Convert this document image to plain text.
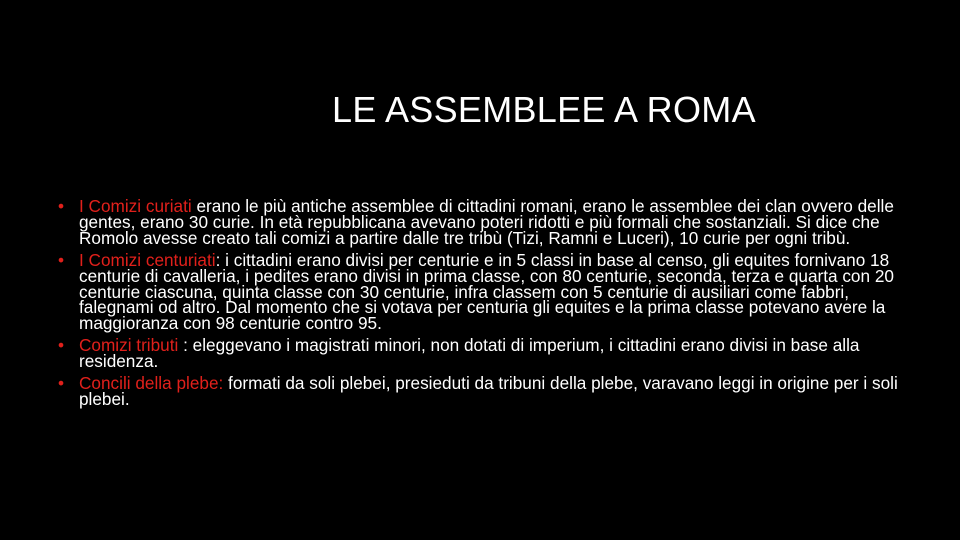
LE ASSEMBLEE A ROMA
• I Comizi curiati erano le più antiche assemblee di cittadini romani, erano le assemblee dei clan ovvero delle gentes, erano 30 curie. In età repubblicana avevano poteri ridotti e più formali che sostanziali. Si dice che Romolo avesse creato tali comizi a partire dalle tre tribù (Tizi, Ramni e Luceri), 10 curie per ogni tribù.
• I Comizi centuriati: i cittadini erano divisi per centurie e in 5 classi in base al censo, gli equites fornivano 18 centurie di cavalleria, i pedites erano divisi in prima classe, con 80 centurie, seconda, terza e quarta con 20 centurie ciascuna, quinta classe con 30 centurie, infra classem con 5 centurie di ausiliari come fabbri, falegnami od altro. Dal momento che si votava per centuria gli equites e la prima classe potevano avere la maggioranza con 98 centurie contro 95.
• Comizi tributi : eleggevano i magistrati minori, non dotati di imperium, i cittadini erano divisi in base alla residenza.
• Concili della plebe: formati da soli plebei, presieduti da tribuni della plebe, varavano leggi in origine per i soli plebei.
